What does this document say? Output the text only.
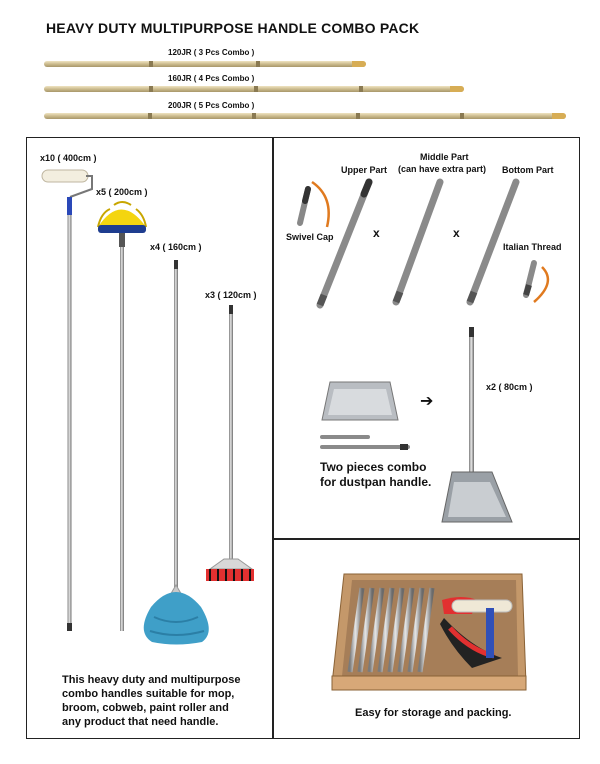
HEAVY DUTY MULTIPURPOSE HANDLE COMBO PACK
120JR ( 3 Pcs Combo )
160JR ( 4 Pcs Combo )
200JR ( 5 Pcs Combo )
x10 ( 400cm )
x5 ( 200cm )
x4 ( 160cm )
x3 ( 120cm )
This heavy duty and multipurpose
combo handles suitable for mop,
broom, cobweb, paint roller and
any product that need handle.
Upper Part
Middle Part
(can have extra part) Bottom Part
Swivel Cap
Italian Thread
x	x
➔
x2 ( 80cm )
Two pieces combo
for dustpan handle.
Easy for storage and packing.
